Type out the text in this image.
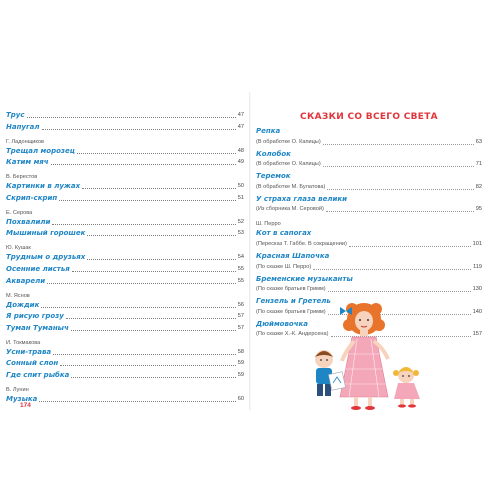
Трус	47
Напугал	47
Г. Ладонщиков
Трещал морозец	48
Катим мяч	49
В. Берестов
Картинки в лужах	50
Скрип-скрип	51
Е. Серова
Похвалили	52
Мышиный горошек	53
Ю. Кушак
Трудным о друзьях	54
Осенние листья	55
Акварели	55
М. Яснов
Дождик	56
Я рисую грозу	57
Туман Туманыч	57
И. Токмакова
Усни-трава	58
Сонный слон	59
Где спит рыбка	59
В. Лунин
Музыка	60
СКАЗКИ СО ВСЕГО СВЕТА
Репка
(В обработке О. Капицы)	63
Колобок
(В обработке О. Капицы)	71
Теремок
(В обработке М. Булатова)	82
У страха глаза велики
(Из сборника М. Серовой)	95
Ш. Перро
Кот в сапогах
(Пересказ Т. Габбе. В сокращении)	101
Красная Шапочка
(По сказке Ш. Перро)	119
Бременские музыканты
(По сказке братьев Гримм)	130
Гензель и Гретель
(По сказке братьев Гримм)	140
Дюймовочка
(По сказке Х.-К. Андерсена)	157
174
